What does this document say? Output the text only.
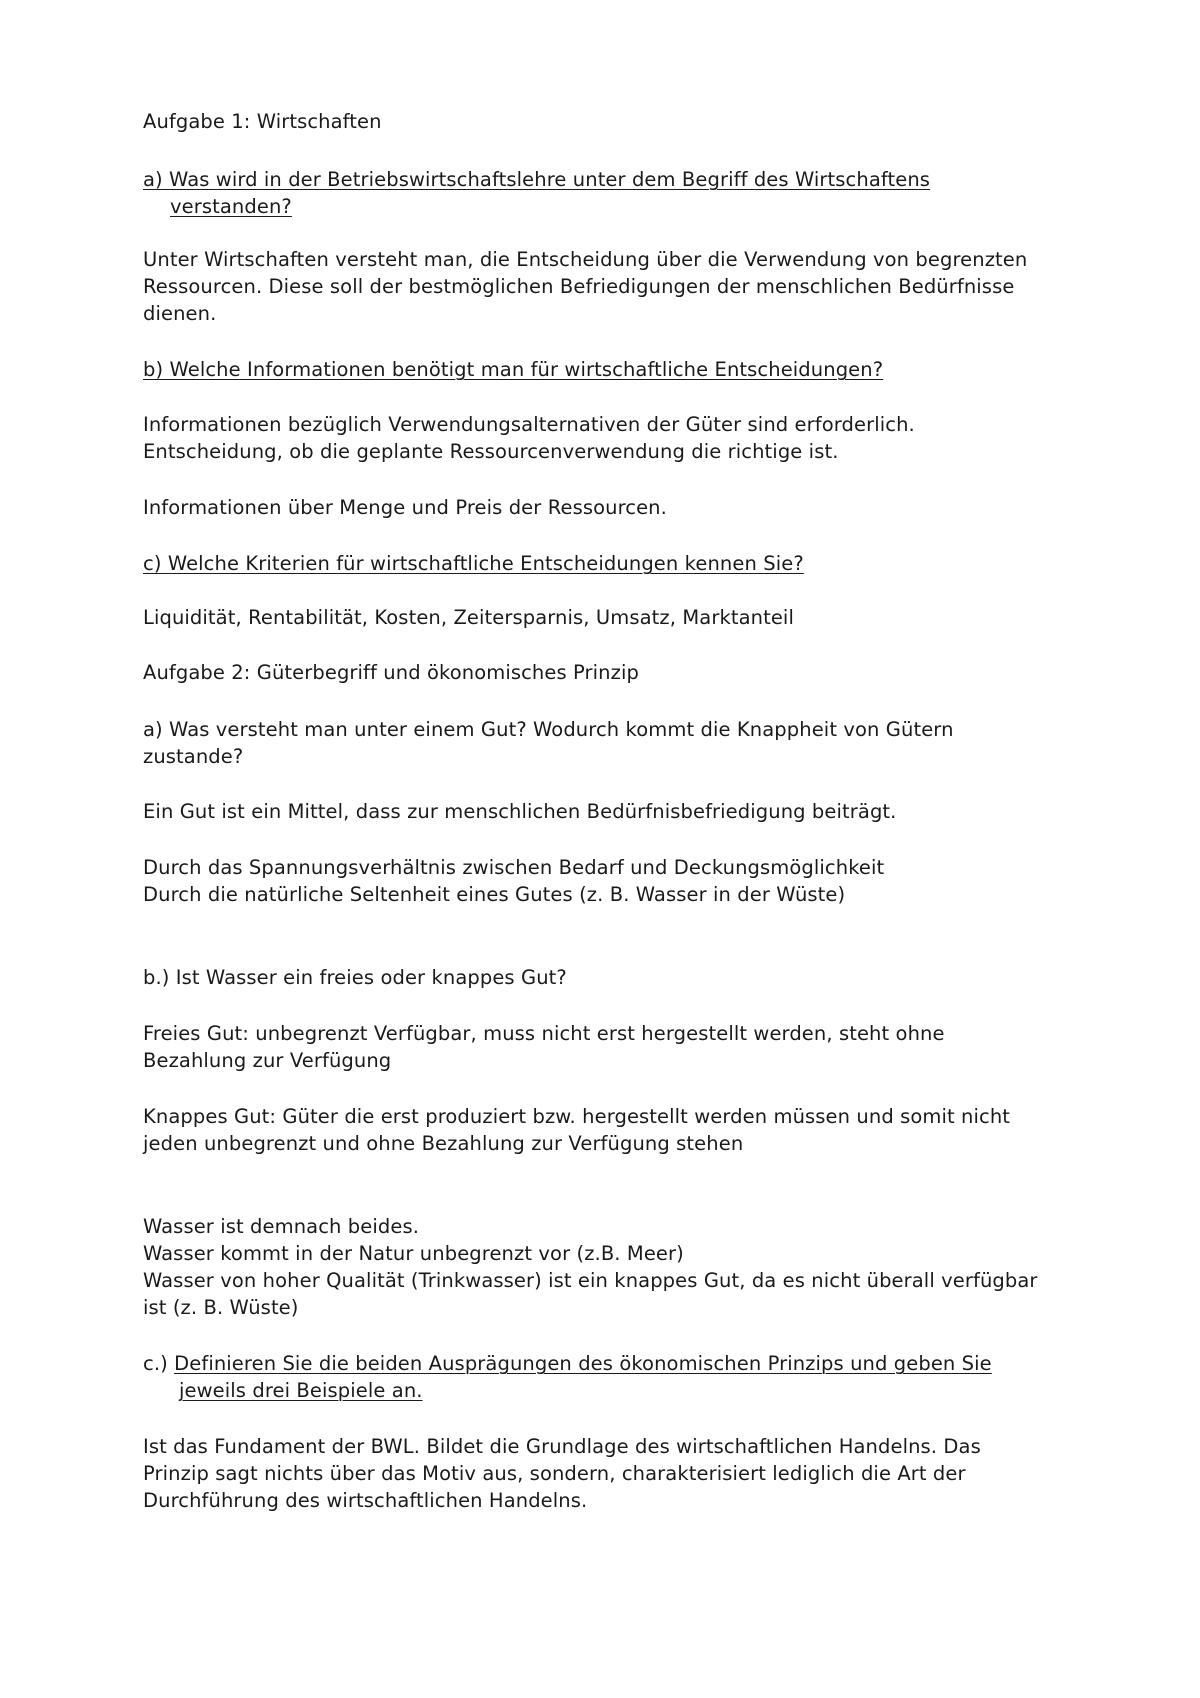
Aufgabe 1: Wirtschaften
a) Was wird in der Betriebswirtschaftslehre unter dem Begriff des Wirtschaftens
verstanden?
Unter Wirtschaften versteht man, die Entscheidung über die Verwendung von begrenzten
Ressourcen. Diese soll der bestmöglichen Befriedigungen der menschlichen Bedürfnisse
dienen.
b) Welche Informationen benötigt man für wirtschaftliche Entscheidungen?
Informationen bezüglich Verwendungsalternativen der Güter sind erforderlich.
Entscheidung, ob die geplante Ressourcenverwendung die richtige ist.
Informationen über Menge und Preis der Ressourcen.
c) Welche Kriterien für wirtschaftliche Entscheidungen kennen Sie?
Liquidität, Rentabilität, Kosten, Zeitersparnis, Umsatz, Marktanteil
Aufgabe 2: Güterbegriff und ökonomisches Prinzip
a) Was versteht man unter einem Gut? Wodurch kommt die Knappheit von Gütern
zustande?
Ein Gut ist ein Mittel, dass zur menschlichen Bedürfnisbefriedigung beiträgt.
Durch das Spannungsverhältnis zwischen Bedarf und Deckungsmöglichkeit
Durch die natürliche Seltenheit eines Gutes (z. B. Wasser in der Wüste)
b.) Ist Wasser ein freies oder knappes Gut?
Freies Gut: unbegrenzt Verfügbar, muss nicht erst hergestellt werden, steht ohne
Bezahlung zur Verfügung
Knappes Gut: Güter die erst produziert bzw. hergestellt werden müssen und somit nicht
jeden unbegrenzt und ohne Bezahlung zur Verfügung stehen
Wasser ist demnach beides.
Wasser kommt in der Natur unbegrenzt vor (z.B. Meer)
Wasser von hoher Qualität (Trinkwasser) ist ein knappes Gut, da es nicht überall verfügbar
ist (z. B. Wüste)
c.) Definieren Sie die beiden Ausprägungen des ökonomischen Prinzips und geben Sie
jeweils drei Beispiele an.
Ist das Fundament der BWL. Bildet die Grundlage des wirtschaftlichen Handelns. Das
Prinzip sagt nichts über das Motiv aus, sondern, charakterisiert lediglich die Art der
Durchführung des wirtschaftlichen Handelns.
